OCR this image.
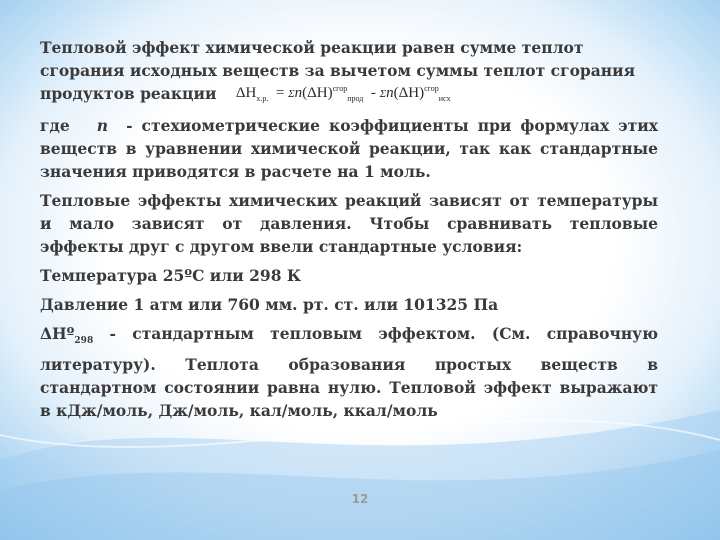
Тепловой эффект химической реакции равен сумме теплот
сгорания исходных веществ за вычетом суммы теплот сгорания
продуктов реакции $\Delta Н_{х.р.} = \Sigma n(\Delta Н)^{сгор}_{прод} - \Sigma n(\Delta Н)^{сгор}_{исх}$
где n - стехиометрические коэффициенты при формулах этих веществ в уравнении химической реакции, так как стандартные значения приводятся в расчете на 1 моль.
Тепловые эффекты химических реакций зависят от температуры и мало зависят от давления. Чтобы сравнивать тепловые эффекты друг с другом ввели стандартные условия:
Температура 25ºС или 298 К
Давление 1 атм или 760 мм. рт. ст. или 101325 Па
ΔНº$_{298}$ - стандартным тепловым эффектом. (См. справочную литературу). Теплота образования простых веществ в стандартном состоянии равна нулю. Тепловой эффект выражают в кДж/моль, Дж/моль, кал/моль, ккал/моль
12
